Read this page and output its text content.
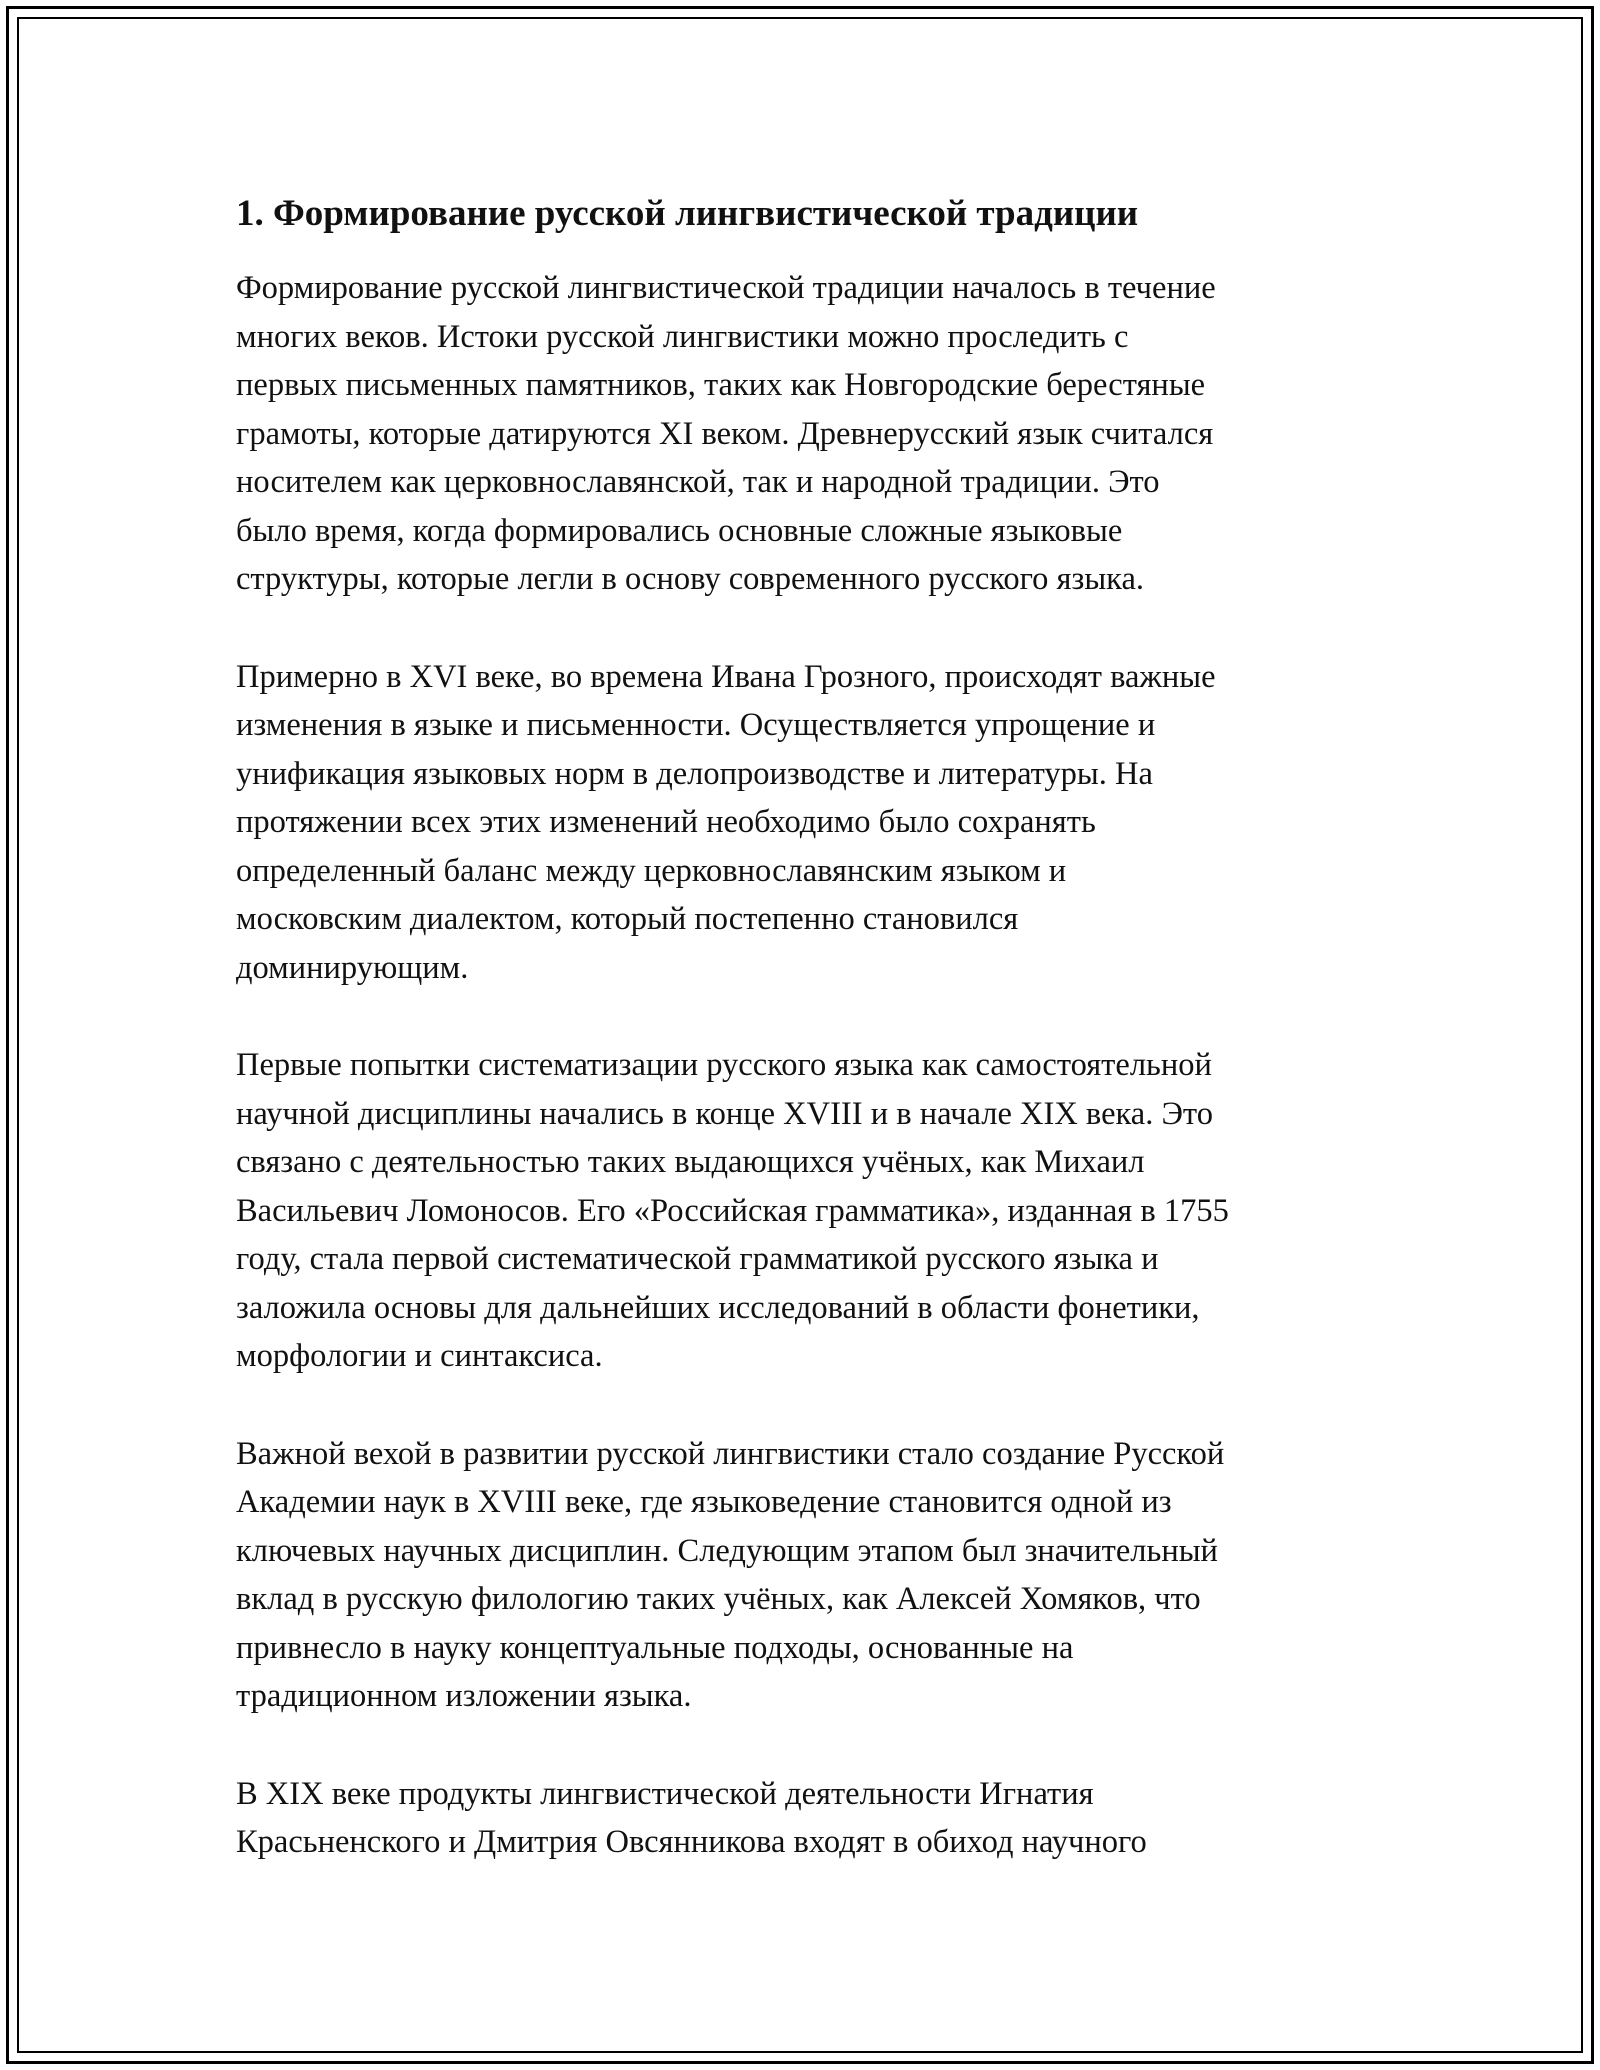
1. Формирование русской лингвистической традиции

Формирование русской лингвистической традиции началось в течение
многих веков. Истоки русской лингвистики можно проследить с
первых письменных памятников, таких как Новгородские берестяные
грамоты, которые датируются XI веком. Древнерусский язык считался
носителем как церковнославянской, так и народной традиции. Это
было время, когда формировались основные сложные языковые
структуры, которые легли в основу современного русского языка.

Примерно в XVI веке, во времена Ивана Грозного, происходят важные
изменения в языке и письменности. Осуществляется упрощение и
унификация языковых норм в делопроизводстве и литературы. На
протяжении всех этих изменений необходимо было сохранять
определенный баланс между церковнославянским языком и
московским диалектом, который постепенно становился
доминирующим.

Первые попытки систематизации русского языка как самостоятельной
научной дисциплины начались в конце XVIII и в начале XIX века. Это
связано с деятельностью таких выдающихся учёных, как Михаил
Васильевич Ломоносов. Его «Российская грамматика», изданная в 1755
году, стала первой систематической грамматикой русского языка и
заложила основы для дальнейших исследований в области фонетики,
морфологии и синтаксиса.

Важной вехой в развитии русской лингвистики стало создание Русской
Академии наук в XVIII веке, где языковедение становится одной из
ключевых научных дисциплин. Следующим этапом был значительный
вклад в русскую филологию таких учёных, как Алексей Хомяков, что
привнесло в науку концептуальные подходы, основанные на
традиционном изложении языка.

В XIX веке продукты лингвистической деятельности Игнатия
Красьненского и Дмитрия Овсянникова входят в обиход научного
